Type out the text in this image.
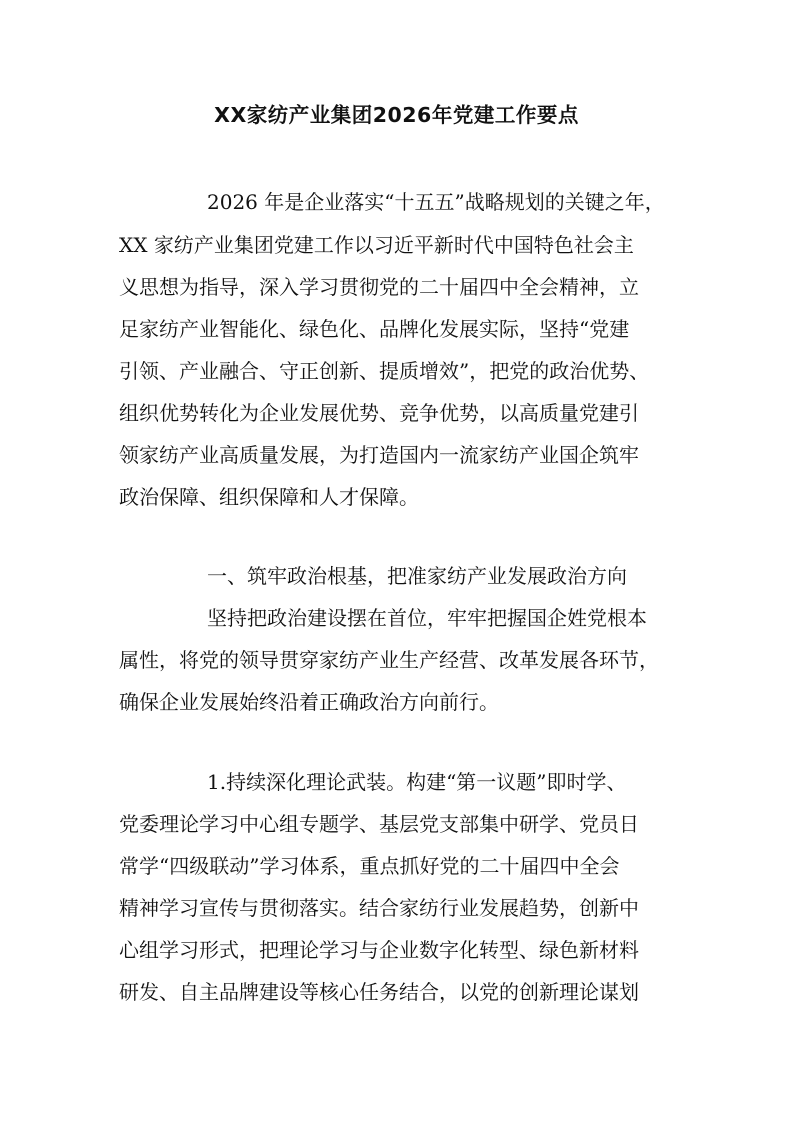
XX家纺产业集团2026年党建工作要点

2026 年是企业落实“十五五”战略规划的关键之年，

XX 家纺产业集团党建工作以习近平新时代中国特色社会主

义思想为指导，深入学习贯彻党的二十届四中全会精神，立

足家纺产业智能化、绿色化、品牌化发展实际，坚持“党建

引领、产业融合、守正创新、提质增效”，把党的政治优势、

组织优势转化为企业发展优势、竞争优势，以高质量党建引

领家纺产业高质量发展，为打造国内一流家纺产业国企筑牢

政治保障、组织保障和人才保障。

一、筑牢政治根基，把准家纺产业发展政治方向

坚持把政治建设摆在首位，牢牢把握国企姓党根本

属性，将党的领导贯穿家纺产业生产经营、改革发展各环节，

确保企业发展始终沿着正确政治方向前行。

1.持续深化理论武装。构建“第一议题”即时学、

党委理论学习中心组专题学、基层党支部集中研学、党员日

常学“四级联动”学习体系，重点抓好党的二十届四中全会

精神学习宣传与贯彻落实。结合家纺行业发展趋势，创新中

心组学习形式，把理论学习与企业数字化转型、绿色新材料

研发、自主品牌建设等核心任务结合，以党的创新理论谋划
